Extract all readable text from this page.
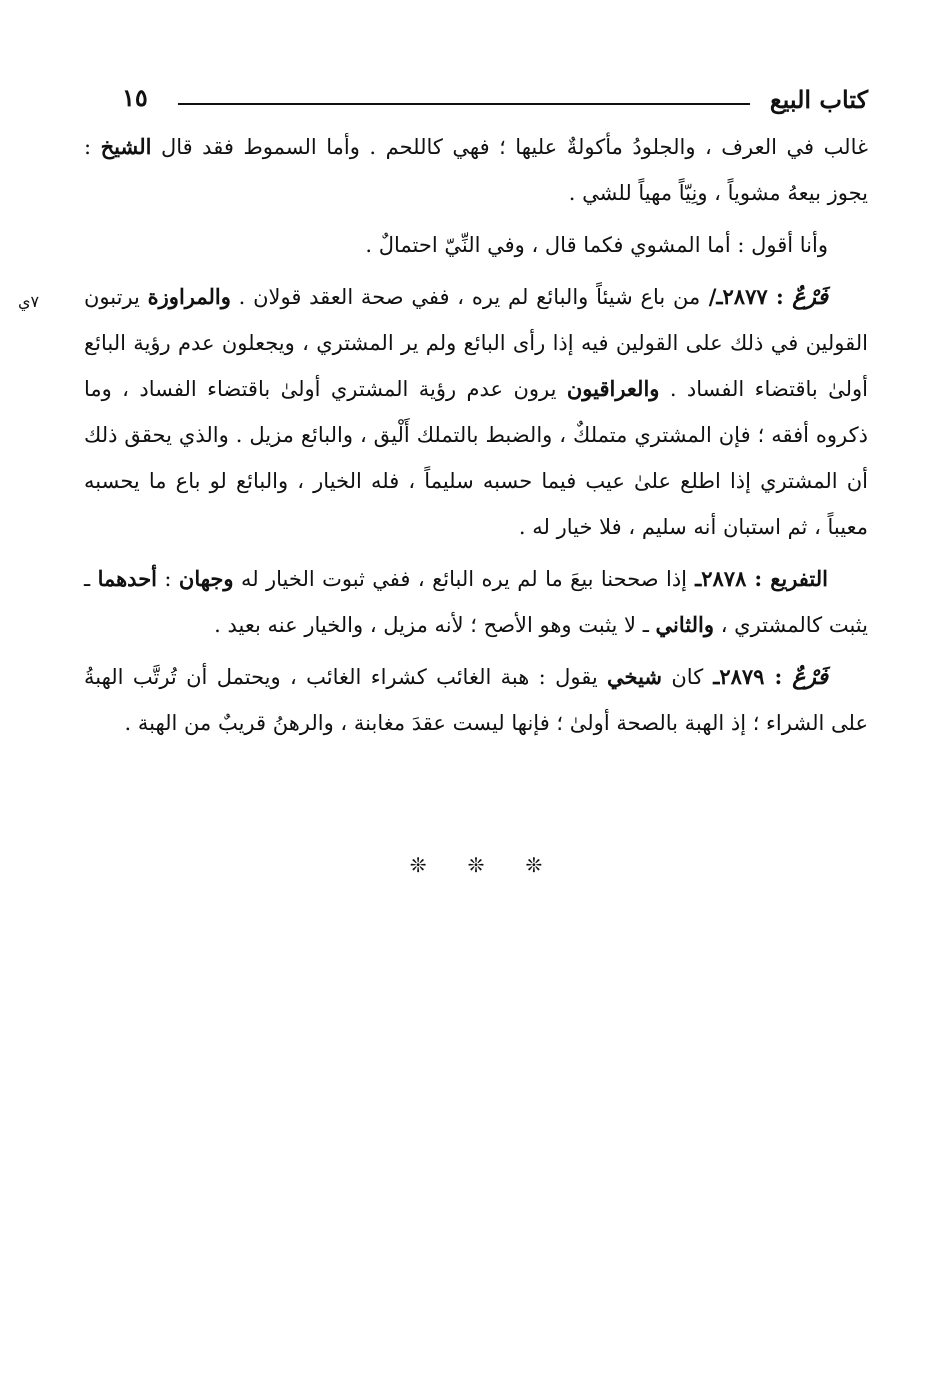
كتاب البيع
١٥

غالب في العرف ، والجلودُ مأكولةٌ عليها ؛ فهي كاللحم . وأما السموط فقد قال الشيخ : يجوز بيعهُ مشوياً ، ونِيّاً مهياً للشي .

وأنا أقول : أما المشوي فكما قال ، وفي النِّيّ احتمالٌ .

فَرْعٌ : ٢٨٧٧ـ/ من باع شيئاً والبائع لم يره ، ففي صحة العقد قولان . والمراوزة يرتبون القولين في ذلك على القولين فيه إذا رأى البائع ولم ير المشتري ، ويجعلون عدم رؤية البائع أولىٰ باقتضاء الفساد . والعراقيون يرون عدم رؤية المشتري أولىٰ باقتضاء الفساد ، وما ذكروه أفقه ؛ فإن المشتري متملكٌ ، والضبط بالتملك أَلْيق ، والبائع مزيل . والذي يحقق ذلك أن المشتري إذا اطلع علىٰ عيب فيما حسبه سليماً ، فله الخيار ، والبائع لو باع ما يحسبه معيباً ، ثم استبان أنه سليم ، فلا خيار له .

التفريع : ٢٨٧٨ـ إذا صححنا بيعَ ما لم يره البائع ، ففي ثبوت الخيار له وجهان : أحدهما ـ يثبت كالمشتري ، والثاني ـ لا يثبت وهو الأصح ؛ لأنه مزيل ، والخيار عنه بعيد .

فَرْعٌ : ٢٨٧٩ـ كان شيخي يقول : هبة الغائب كشراء الغائب ، ويحتمل أن تُرتَّب الهبةُ على الشراء ؛ إذ الهبة بالصحة أولىٰ ؛ فإنها ليست عقدَ مغابنة ، والرهنُ قريبٌ من الهبة .

٧ي
❊ ❊ ❊
